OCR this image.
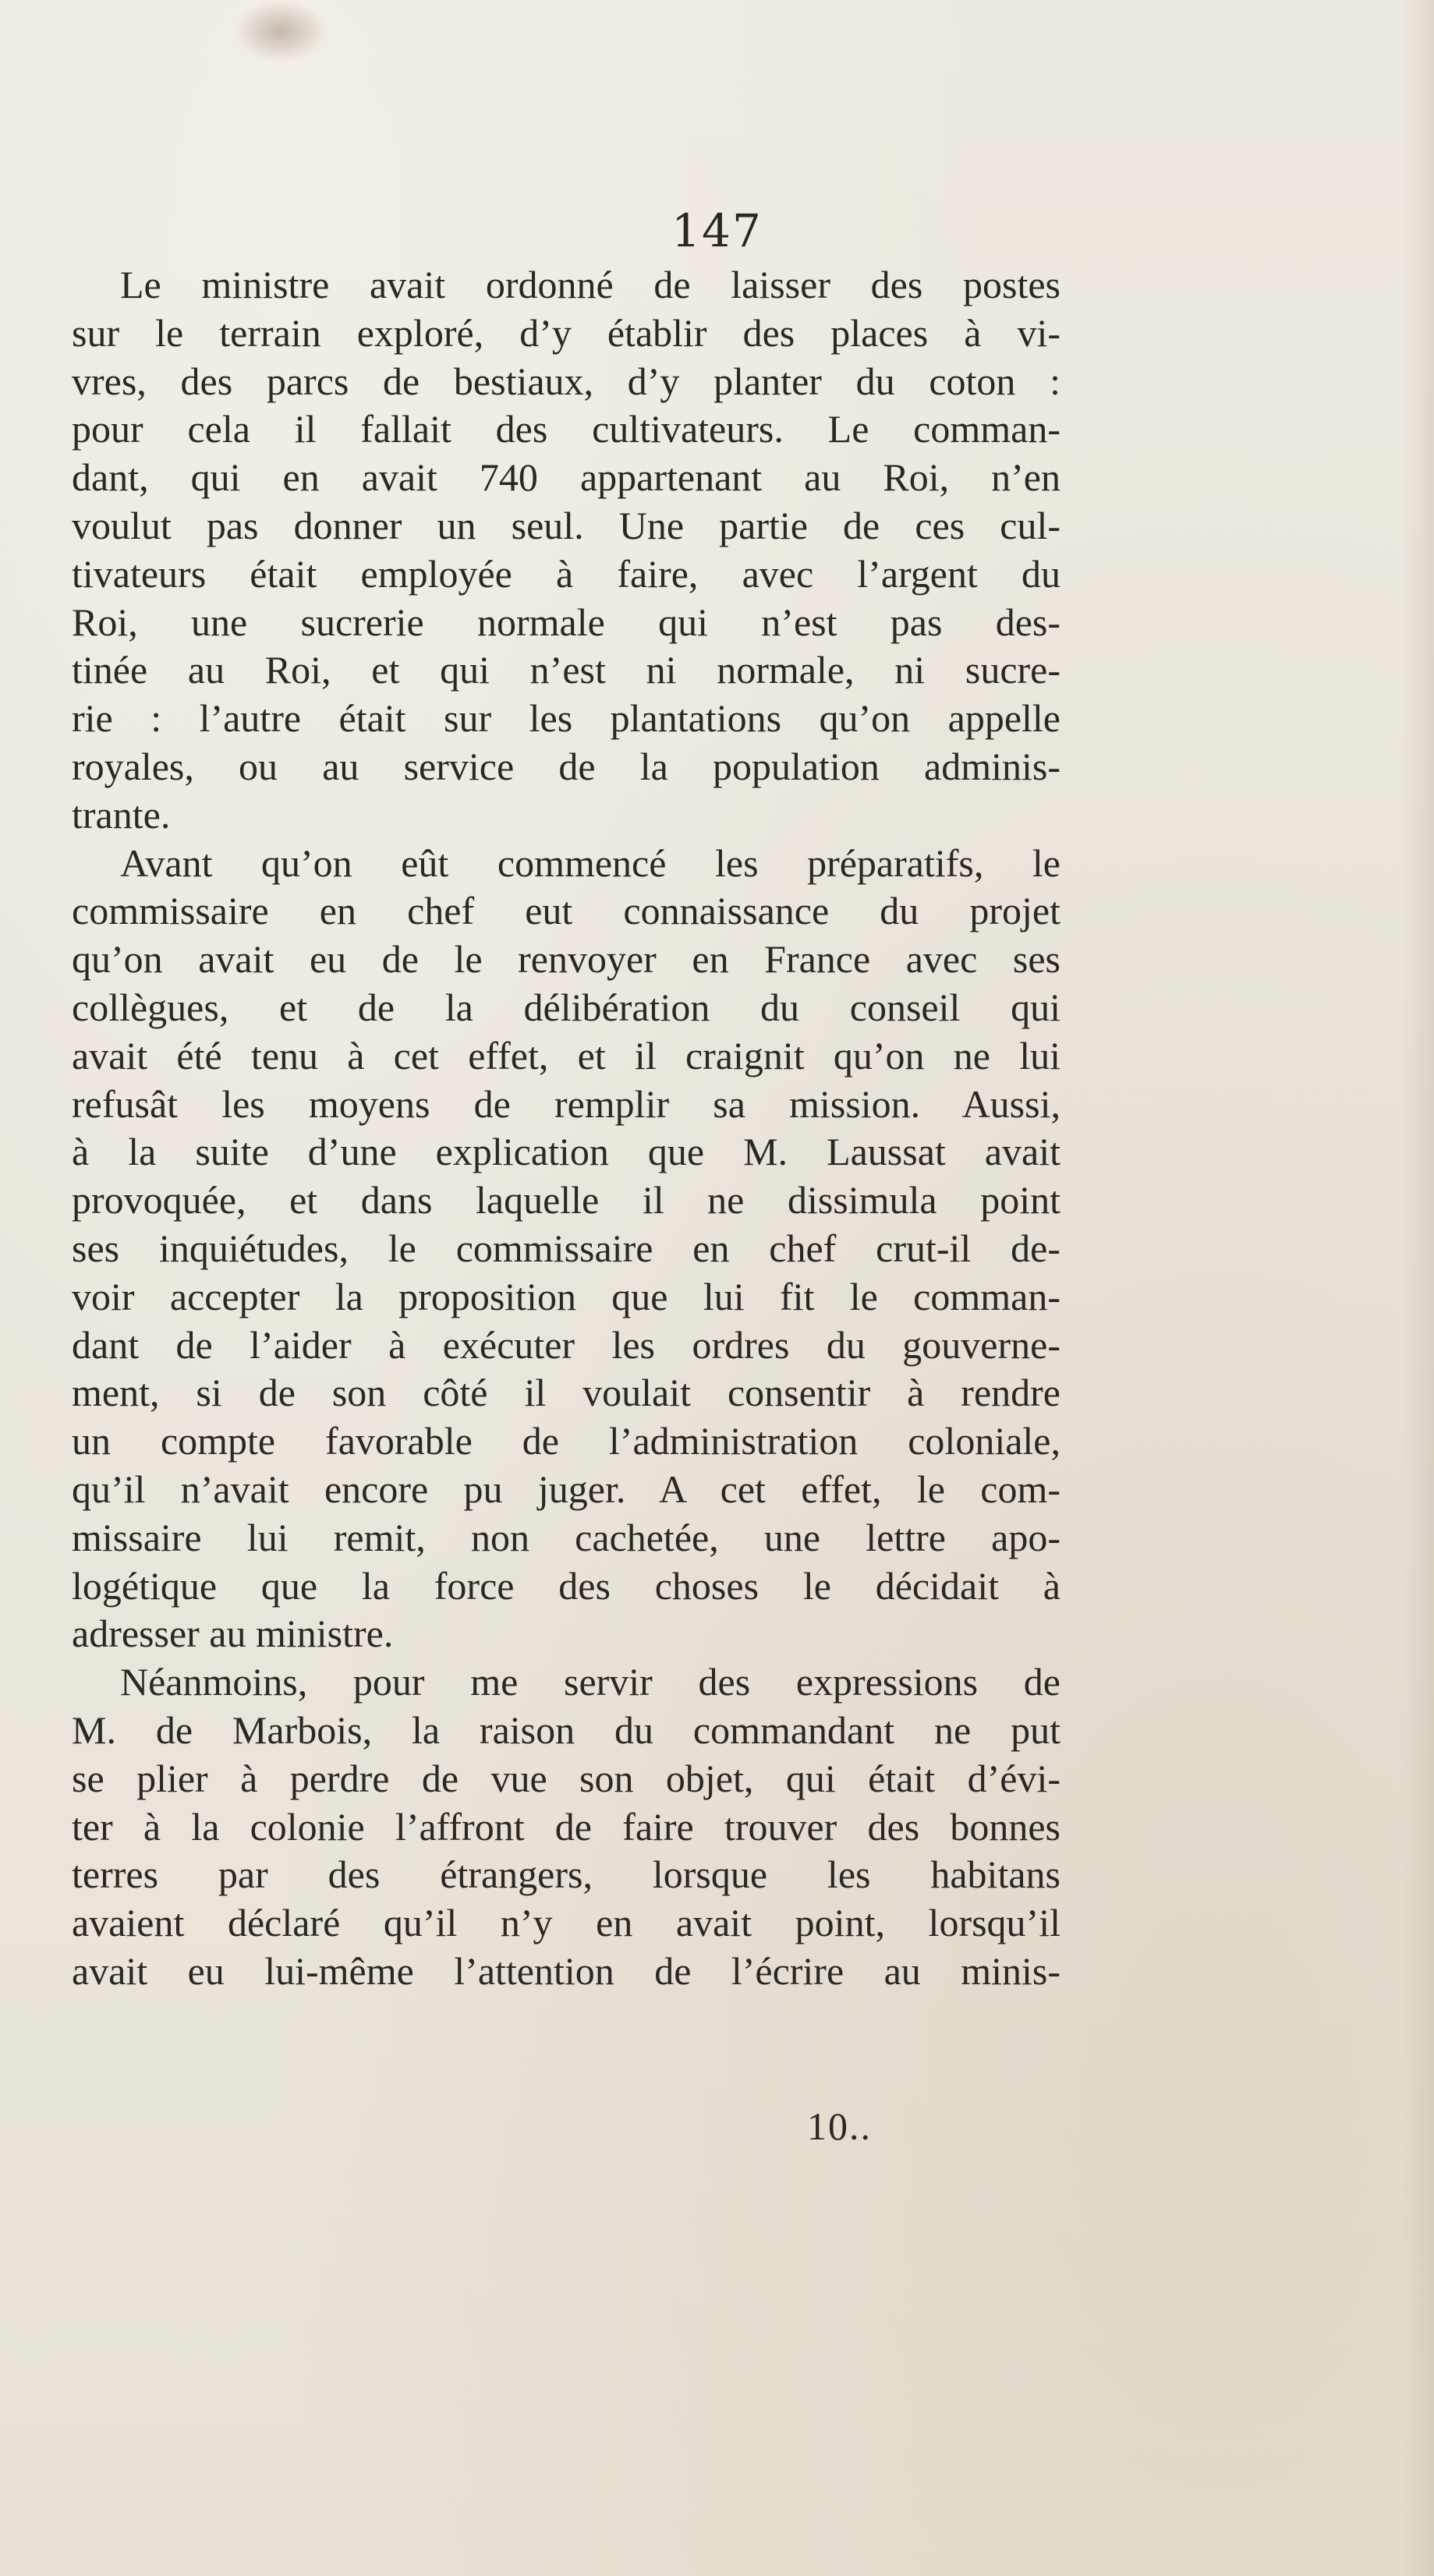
147
Le ministre avait ordonné de laisser des postes
sur le terrain exploré, d’y établir des places à vi-
vres, des parcs de bestiaux, d’y planter du coton :
pour cela il fallait des cultivateurs. Le comman-
dant, qui en avait 740 appartenant au Roi, n’en
voulut pas donner un seul. Une partie de ces cul-
tivateurs était employée à faire, avec l’argent du
Roi, une sucrerie normale qui n’est pas des-
tinée au Roi, et qui n’est ni normale, ni sucre-
rie : l’autre était sur les plantations qu’on appelle
royales, ou au service de la population adminis-
trante.
Avant qu’on eût commencé les préparatifs, le
commissaire en chef eut connaissance du projet
qu’on avait eu de le renvoyer en France avec ses
collègues, et de la délibération du conseil qui
avait été tenu à cet effet, et il craignit qu’on ne lui
refusât les moyens de remplir sa mission. Aussi,
à la suite d’une explication que M. Laussat avait
provoquée, et dans laquelle il ne dissimula point
ses inquiétudes, le commissaire en chef crut-il de-
voir accepter la proposition que lui fit le comman-
dant de l’aider à exécuter les ordres du gouverne-
ment, si de son côté il voulait consentir à rendre
un compte favorable de l’administration coloniale,
qu’il n’avait encore pu juger. A cet effet, le com-
missaire lui remit, non cachetée, une lettre apo-
logétique que la force des choses le décidait à
adresser au ministre.
Néanmoins, pour me servir des expressions de
M. de Marbois, la raison du commandant ne put
se plier à perdre de vue son objet, qui était d’évi-
ter à la colonie l’affront de faire trouver des bonnes
terres par des étrangers, lorsque les habitans
avaient déclaré qu’il n’y en avait point, lorsqu’il
avait eu lui-même l’attention de l’écrire au minis-
10..
